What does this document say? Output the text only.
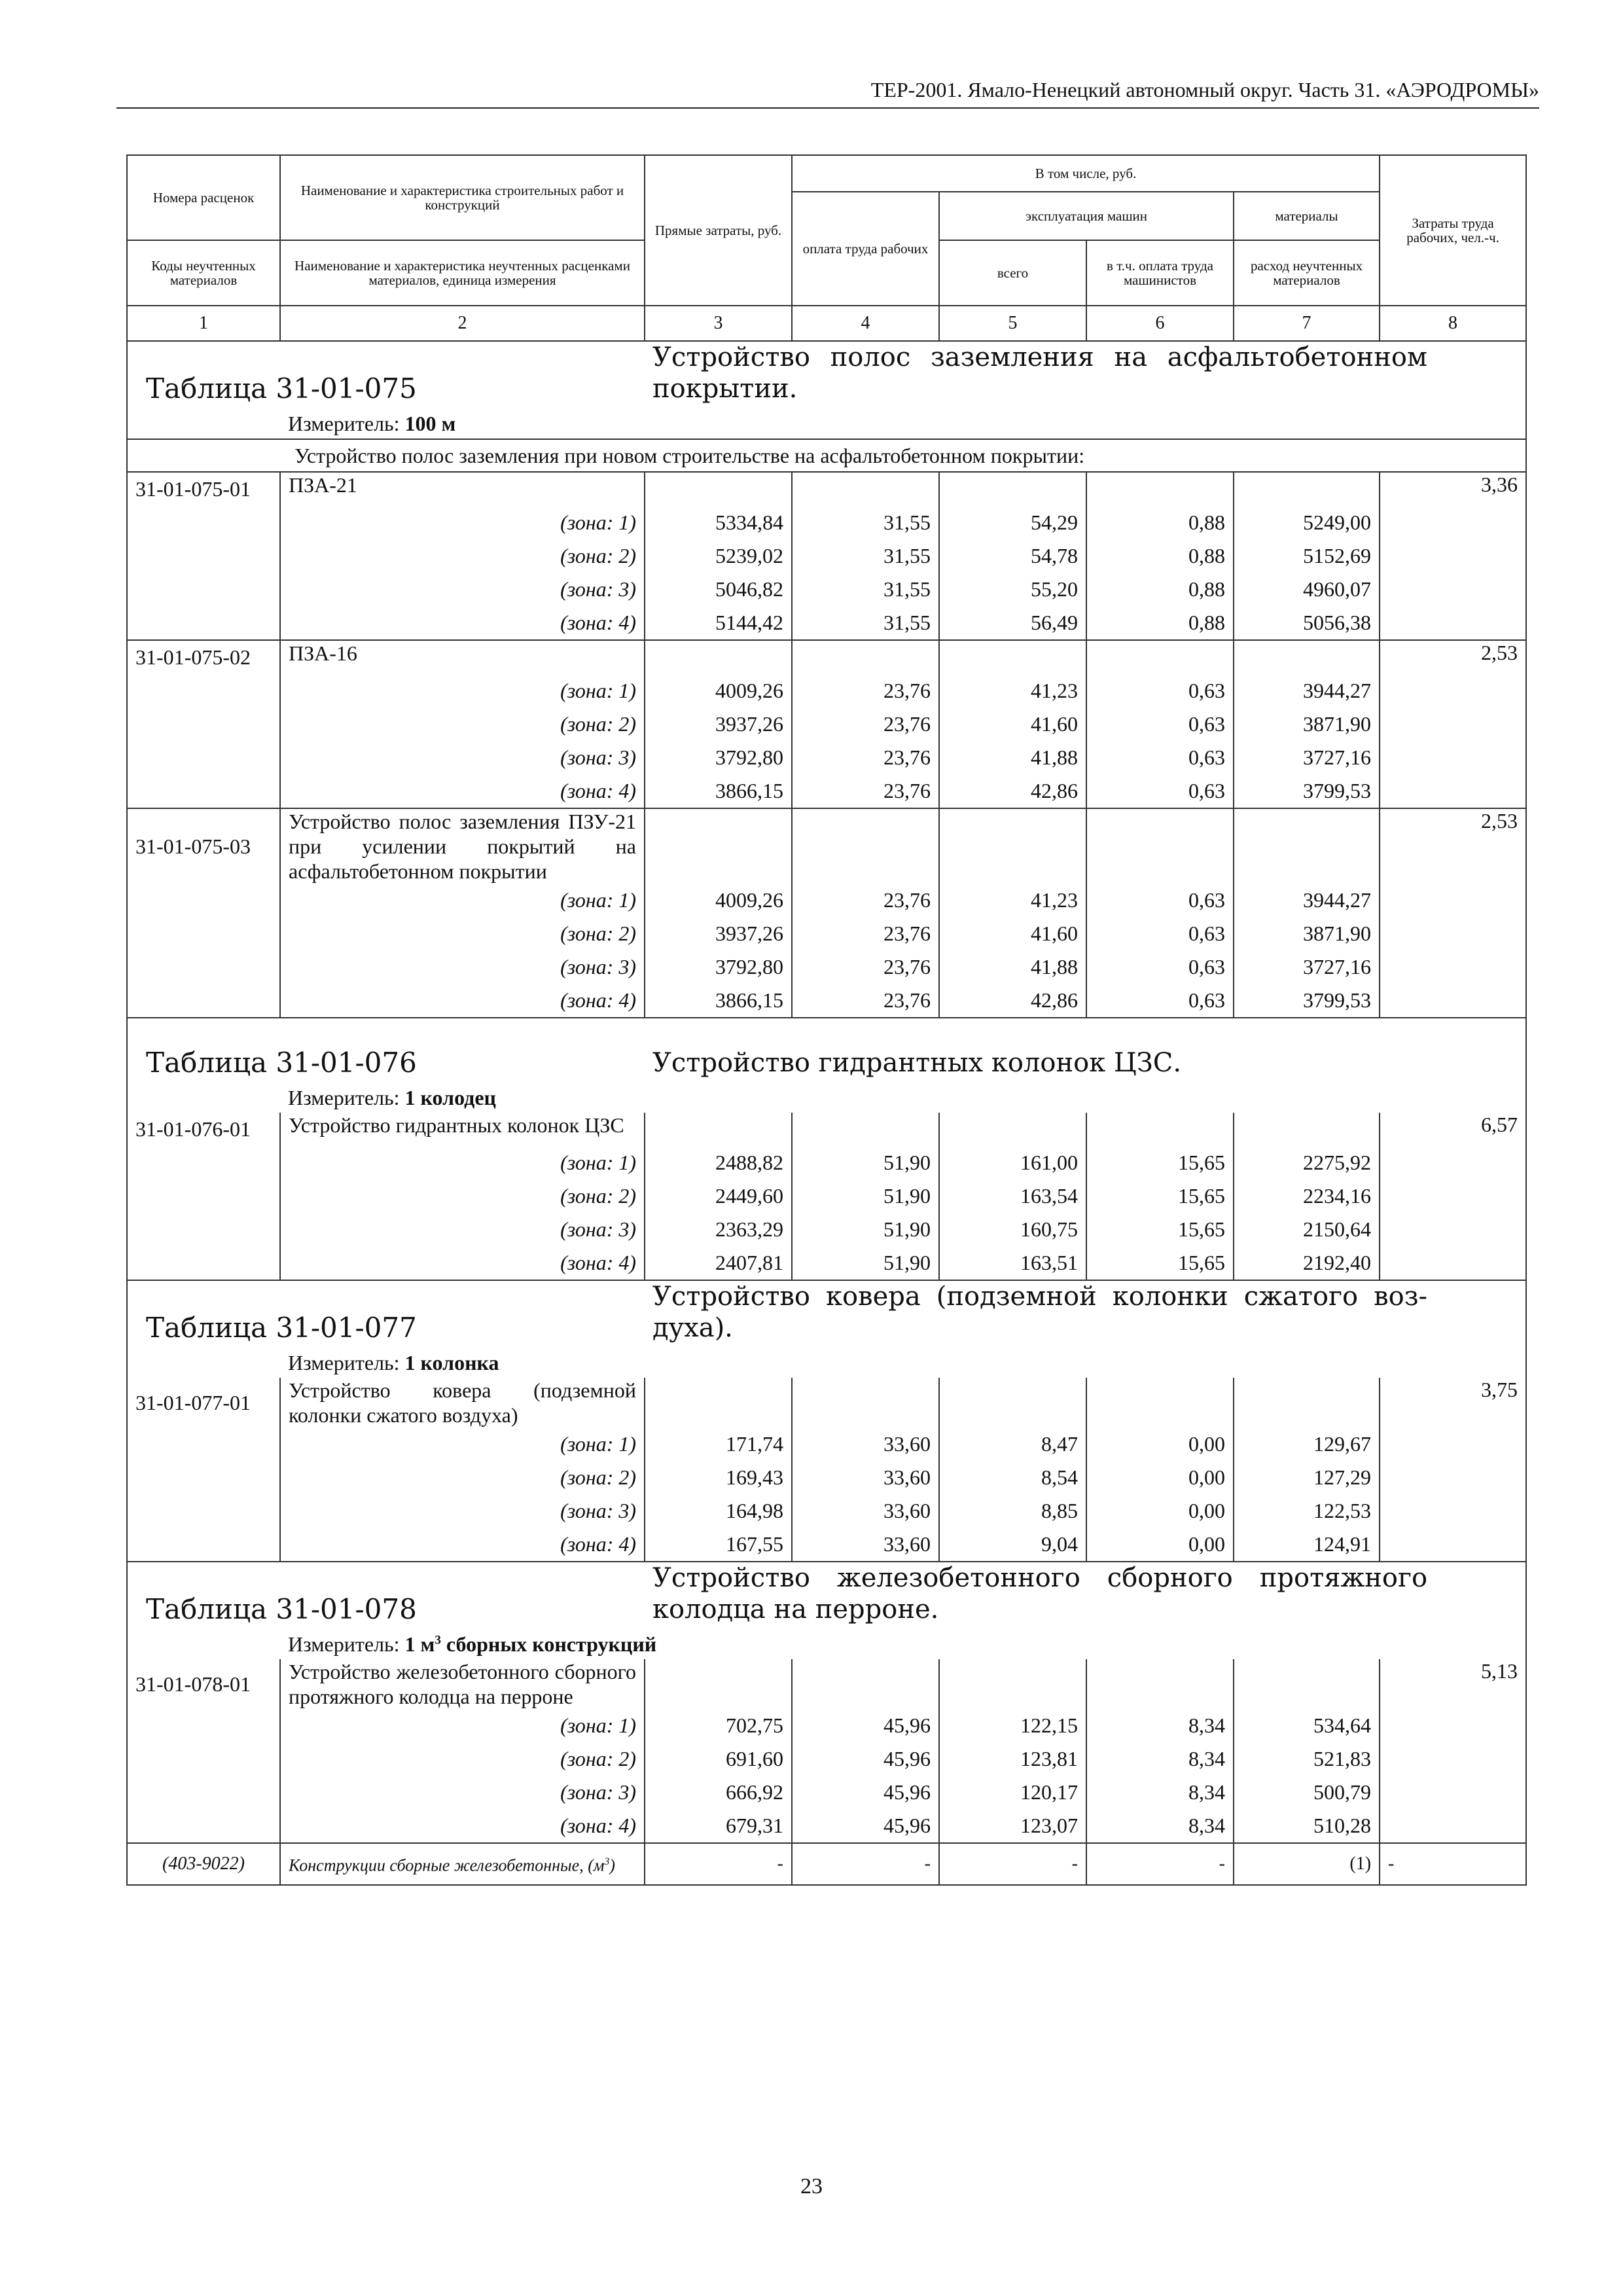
ТЕР-2001. Ямало-Ненецкий автономный округ. Часть 31. «АЭРОДРОМЫ»
Номера расценок	Наименование и характеристика строительных работ и конструкций	Прямые затраты, руб.	В том числе, руб.				Затраты труда рабочих, чел.-ч.
			оплата труда рабочих	эксплуатация машин		материалы	
Коды неучтенных материалов	Наименование и характеристика неучтенных расценками материалов, единица измерения			всего	в т.ч. оплата труда машинистов	расход неучтенных материалов	
1	2	3	4	5	6	7	8
Таблица 31-01-075		Устройство полос заземления на асфальтобетонном покрытии.					
	Измеритель: 100 м						
Устройство полос заземления при новом строительстве на асфальтобетонном покрытии:							
31-01-075-01	ПЗА-21						3,36
	(зона: 1)	5334,84	31,55	54,29	0,88	5249,00	
	(зона: 2)	5239,02	31,55	54,78	0,88	5152,69	
	(зона: 3)	5046,82	31,55	55,20	0,88	4960,07	
	(зона: 4)	5144,42	31,55	56,49	0,88	5056,38	
31-01-075-02	ПЗА-16						2,53
	(зона: 1)	4009,26	23,76	41,23	0,63	3944,27	
	(зона: 2)	3937,26	23,76	41,60	0,63	3871,90	
	(зона: 3)	3792,80	23,76	41,88	0,63	3727,16	
	(зона: 4)	3866,15	23,76	42,86	0,63	3799,53	
31-01-075-03	Устройство полос заземления ПЗУ-21 при усилении покрытий на асфальтобетонном покрытии						2,53
	(зона: 1)	4009,26	23,76	41,23	0,63	3944,27	
	(зона: 2)	3937,26	23,76	41,60	0,63	3871,90	
	(зона: 3)	3792,80	23,76	41,88	0,63	3727,16	
	(зона: 4)	3866,15	23,76	42,86	0,63	3799,53	
Таблица 31-01-076		Устройство гидрантных колонок ЦЗС.					
	Измеритель: 1 колодец						
31-01-076-01	Устройство гидрантных колонок ЦЗС						6,57
	(зона: 1)	2488,82	51,90	161,00	15,65	2275,92	
	(зона: 2)	2449,60	51,90	163,54	15,65	2234,16	
	(зона: 3)	2363,29	51,90	160,75	15,65	2150,64	
	(зона: 4)	2407,81	51,90	163,51	15,65	2192,40	
Таблица 31-01-077		Устройство ковера (подземной колонки сжатого воз-духа).					
	Измеритель: 1 колонка						
31-01-077-01	Устройство ковера (подземной колонки сжатого воздуха)						3,75
	(зона: 1)	171,74	33,60	8,47	0,00	129,67	
	(зона: 2)	169,43	33,60	8,54	0,00	127,29	
	(зона: 3)	164,98	33,60	8,85	0,00	122,53	
	(зона: 4)	167,55	33,60	9,04	0,00	124,91	
Таблица 31-01-078		Устройство железобетонного сборного протяжного колодца на перроне.					
	Измеритель: 1 $м^3$ сборных конструкций						
31-01-078-01	Устройство железобетонного сборного протяжного колодца на перроне						5,13
	(зона: 1)	702,75	45,96	122,15	8,34	534,64	
	(зона: 2)	691,60	45,96	123,81	8,34	521,83	
	(зона: 3)	666,92	45,96	120,17	8,34	500,79	
	(зона: 4)	679,31	45,96	123,07	8,34	510,28	
(403-9022)	Конструкции сборные железобетонные, $(м^3)$	-	-	-	-	(1)	-
23
